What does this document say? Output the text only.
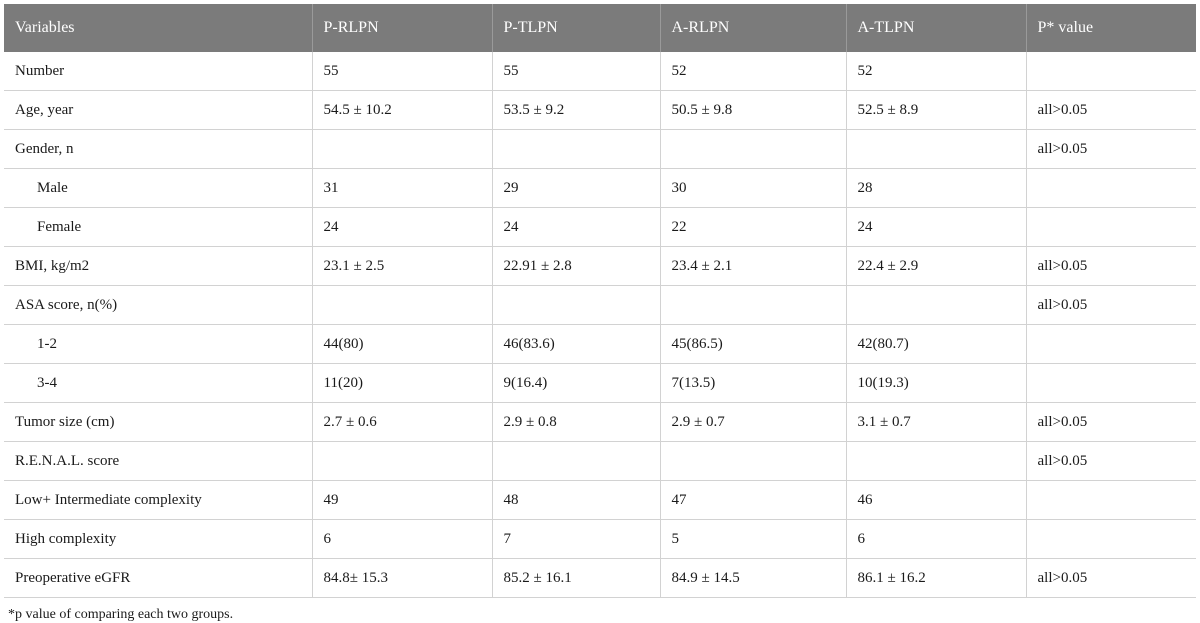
Variables	P-RLPN	P-TLPN	A-RLPN	A-TLPN	P* value
Number	55	55	52	52	
Age, year	54.5 ± 10.2	53.5 ± 9.2	50.5 ± 9.8	52.5 ± 8.9	all>0.05
Gender, n					all>0.05
Male	31	29	30	28	
Female	24	24	22	24	
BMI, kg/m2	23.1 ± 2.5	22.91 ± 2.8	23.4 ± 2.1	22.4 ± 2.9	all>0.05
ASA score, n(%)					all>0.05
1-2	44(80)	46(83.6)	45(86.5)	42(80.7)	
3-4	11(20)	9(16.4)	7(13.5)	10(19.3)	
Tumor size (cm)	2.7 ± 0.6	2.9 ± 0.8	2.9 ± 0.7	3.1 ± 0.7	all>0.05
R.E.N.A.L. score					all>0.05
Low+ Intermediate complexity	49	48	47	46	
High complexity	6	7	5	6	
Preoperative eGFR	84.8± 15.3	85.2 ± 16.1	84.9 ± 14.5	86.1 ± 16.2	all>0.05
*p value of comparing each two groups.
